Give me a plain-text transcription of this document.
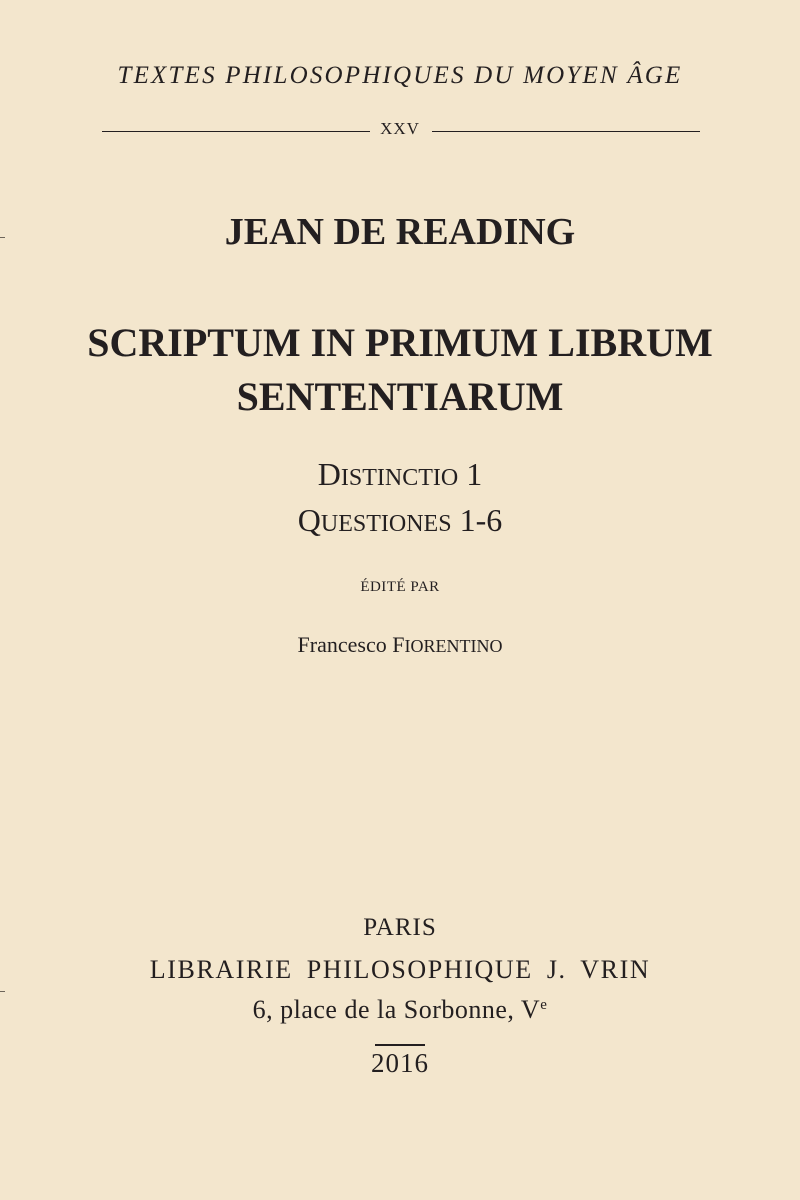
TEXTES PHILOSOPHIQUES DU MOYEN ÂGE
XXV
JEAN DE READING
SCRIPTUM IN PRIMUM LIBRUM
SENTENTIARUM
DISTINCTIO 1
QUESTIONES 1-6
ÉDITÉ PAR
Francesco FIORENTINO
PARIS
LIBRAIRIE PHILOSOPHIQUE J. VRIN
6, place de la Sorbonne, Ve
2016
